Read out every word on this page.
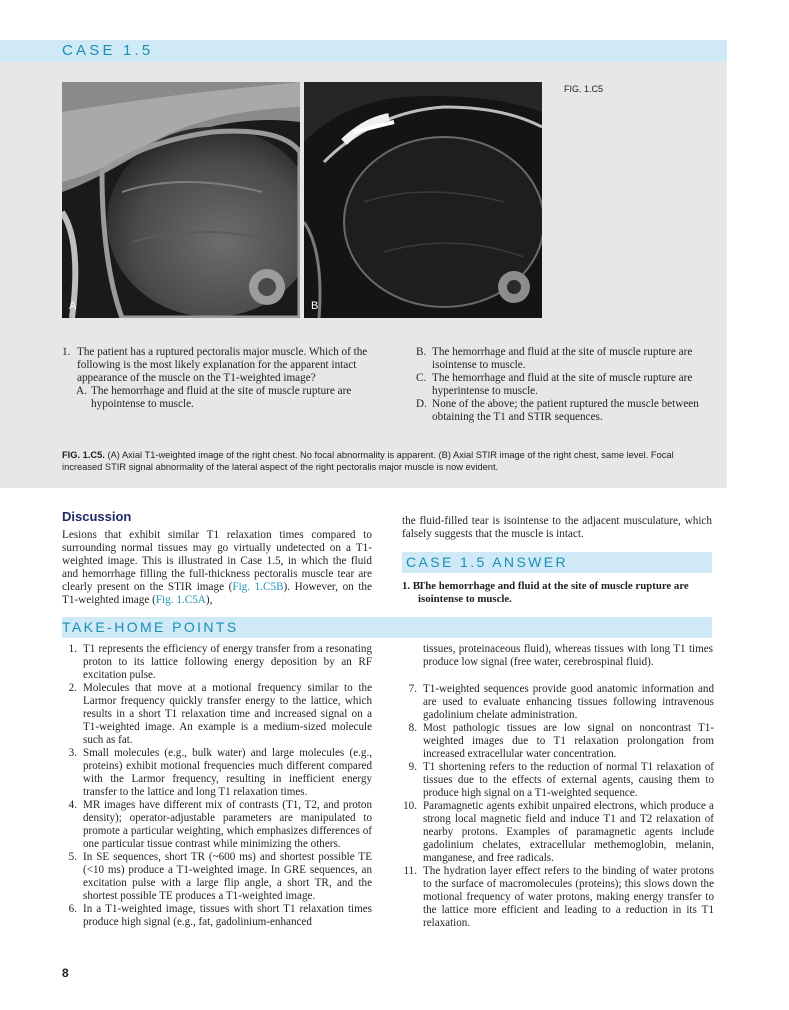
CASE 1.5
A	B
FIG. 1.C5
1. The patient has a ruptured pectoralis major muscle. Which of the following is the most likely explanation for the apparent intact appearance of the muscle on the T1-weighted image?
A. The hemorrhage and fluid at the site of muscle rupture are hypointense to muscle.
B. The hemorrhage and fluid at the site of muscle rupture are isointense to muscle.
C. The hemorrhage and fluid at the site of muscle rupture are hyperintense to muscle.
D. None of the above; the patient ruptured the muscle between obtaining the T1 and STIR sequences.
FIG. 1.C5. (A) Axial T1-weighted image of the right chest. No focal abnormality is apparent. (B) Axial STIR image of the right chest, same level. Focal increased STIR signal abnormality of the lateral aspect of the right pectoralis major muscle is now evident.
Discussion
Lesions that exhibit similar T1 relaxation times compared to surrounding normal tissues may go virtually undetected on a T1-weighted image. This is illustrated in Case 1.5, in which the fluid and hemorrhage filling the full-thickness pectoralis muscle tear are clearly present on the STIR image (Fig. 1.C5B). However, on the T1-weighted image (Fig. 1.C5A),
the fluid-filled tear is isointense to the adjacent musculature, which falsely suggests that the muscle is intact.
CASE 1.5 ANSWER
1. B.
The hemorrhage and fluid at the site of muscle rupture are isointense to muscle.
TAKE-HOME POINTS
1. T1 represents the efficiency of energy transfer from a resonating proton to its lattice following energy deposition by an RF excitation pulse.
2. Molecules that move at a motional frequency similar to the Larmor frequency quickly transfer energy to the lattice, which results in a short T1 relaxation time and increased signal on a T1-weighted image. An example is a medium-sized molecule such as fat.
3. Small molecules (e.g., bulk water) and large molecules (e.g., proteins) exhibit motional frequencies much different compared with the Larmor frequency, resulting in inefficient energy transfer to the lattice and long T1 relaxation times.
4. MR images have different mix of contrasts (T1, T2, and proton density); operator-adjustable parameters are manipulated to promote a particular weighting, which emphasizes differences of one particular tissue contrast while minimizing the others.
5. In SE sequences, short TR (~600 ms) and shortest possible TE (<10 ms) produce a T1-weighted image. In GRE sequences, an excitation pulse with a large flip angle, a short TR, and the shortest possible TE produces a T1-weighted image.
6. In a T1-weighted image, tissues with short T1 relaxation times produce high signal (e.g., fat, gadolinium-enhanced
tissues, proteinaceous fluid), whereas tissues with long T1 times produce low signal (free water, cerebrospinal fluid).
7. T1-weighted sequences provide good anatomic information and are used to evaluate enhancing tissues following intravenous gadolinium chelate administration.
8. Most pathologic tissues are low signal on noncontrast T1-weighted images due to T1 relaxation prolongation from increased extracellular water concentration.
9. T1 shortening refers to the reduction of normal T1 relaxation of tissues due to the effects of external agents, causing them to produce high signal on a T1-weighted sequence.
10. Paramagnetic agents exhibit unpaired electrons, which produce a strong local magnetic field and induce T1 and T2 relaxation of nearby protons. Examples of paramagnetic agents include gadolinium chelates, extracellular methemoglobin, melanin, manganese, and free radicals.
11. The hydration layer effect refers to the binding of water protons to the surface of macromolecules (proteins); this slows down the motional frequency of water protons, making energy transfer to the lattice more efficient and leading to a reduction in its T1 relaxation.
8
